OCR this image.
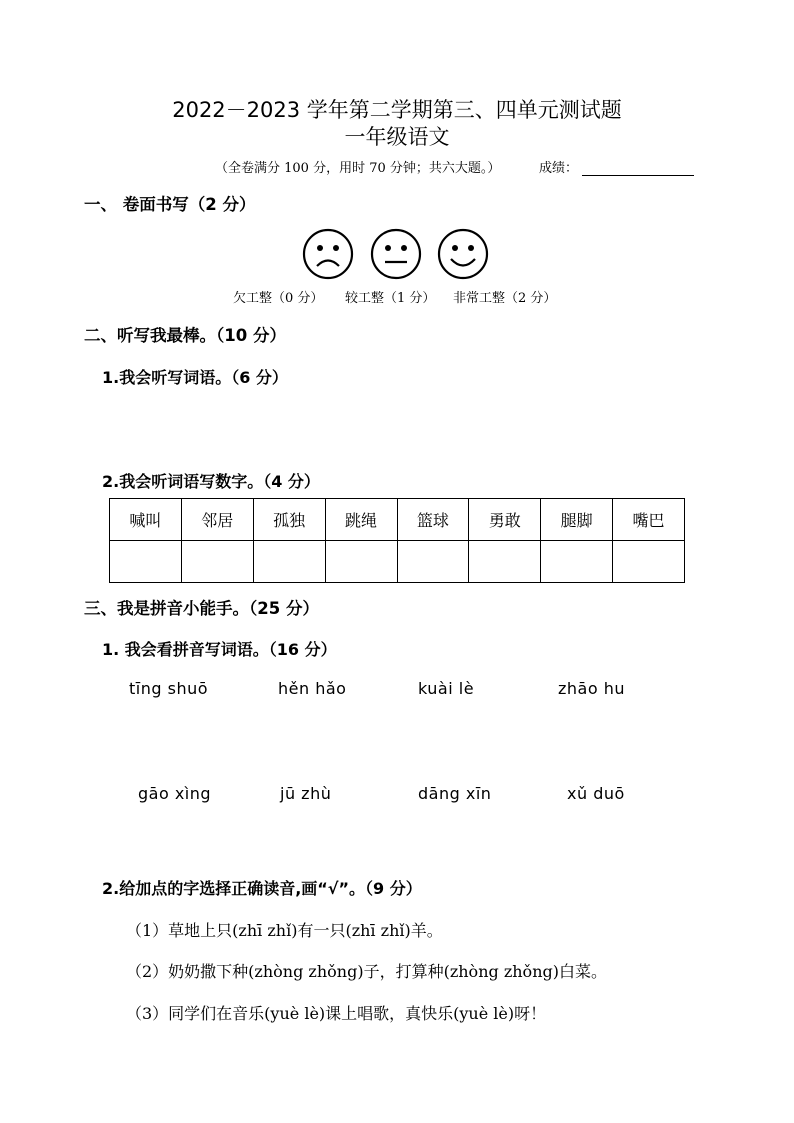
2022－2023 学年第二学期第三、四单元测试题
一年级语文
（全卷满分 100 分，用时 70 分钟；共六大题。）	成绩：
一、 卷面书写（2 分）
欠工整（0 分） 较工整（1 分） 非常工整（2 分）
二、听写我最棒。（10 分）
1.我会听写词语。（6 分）
2.我会听词语写数字。（4 分）
喊叫	邻居	孤独	跳绳	篮球	勇敢	腿脚	嘴巴

三、我是拼音小能手。（25 分）
1. 我会看拼音写词语。（16 分）
tīng shuō	hěn hǎo	kuài lè	zhāo hu
gāo xìng	jū zhù	dāng xīn	xǔ duō
2.给加点的字选择正确读音,画“√”。（9 分）
（1）草地上只(zhī zhǐ)有一只(zhī zhǐ)羊。
（2）奶奶撒下种(zhòng zhǒng)子，打算种(zhòng zhǒng)白菜。
（3）同学们在音乐(yuè lè)课上唱歌，真快乐(yuè lè)呀！
